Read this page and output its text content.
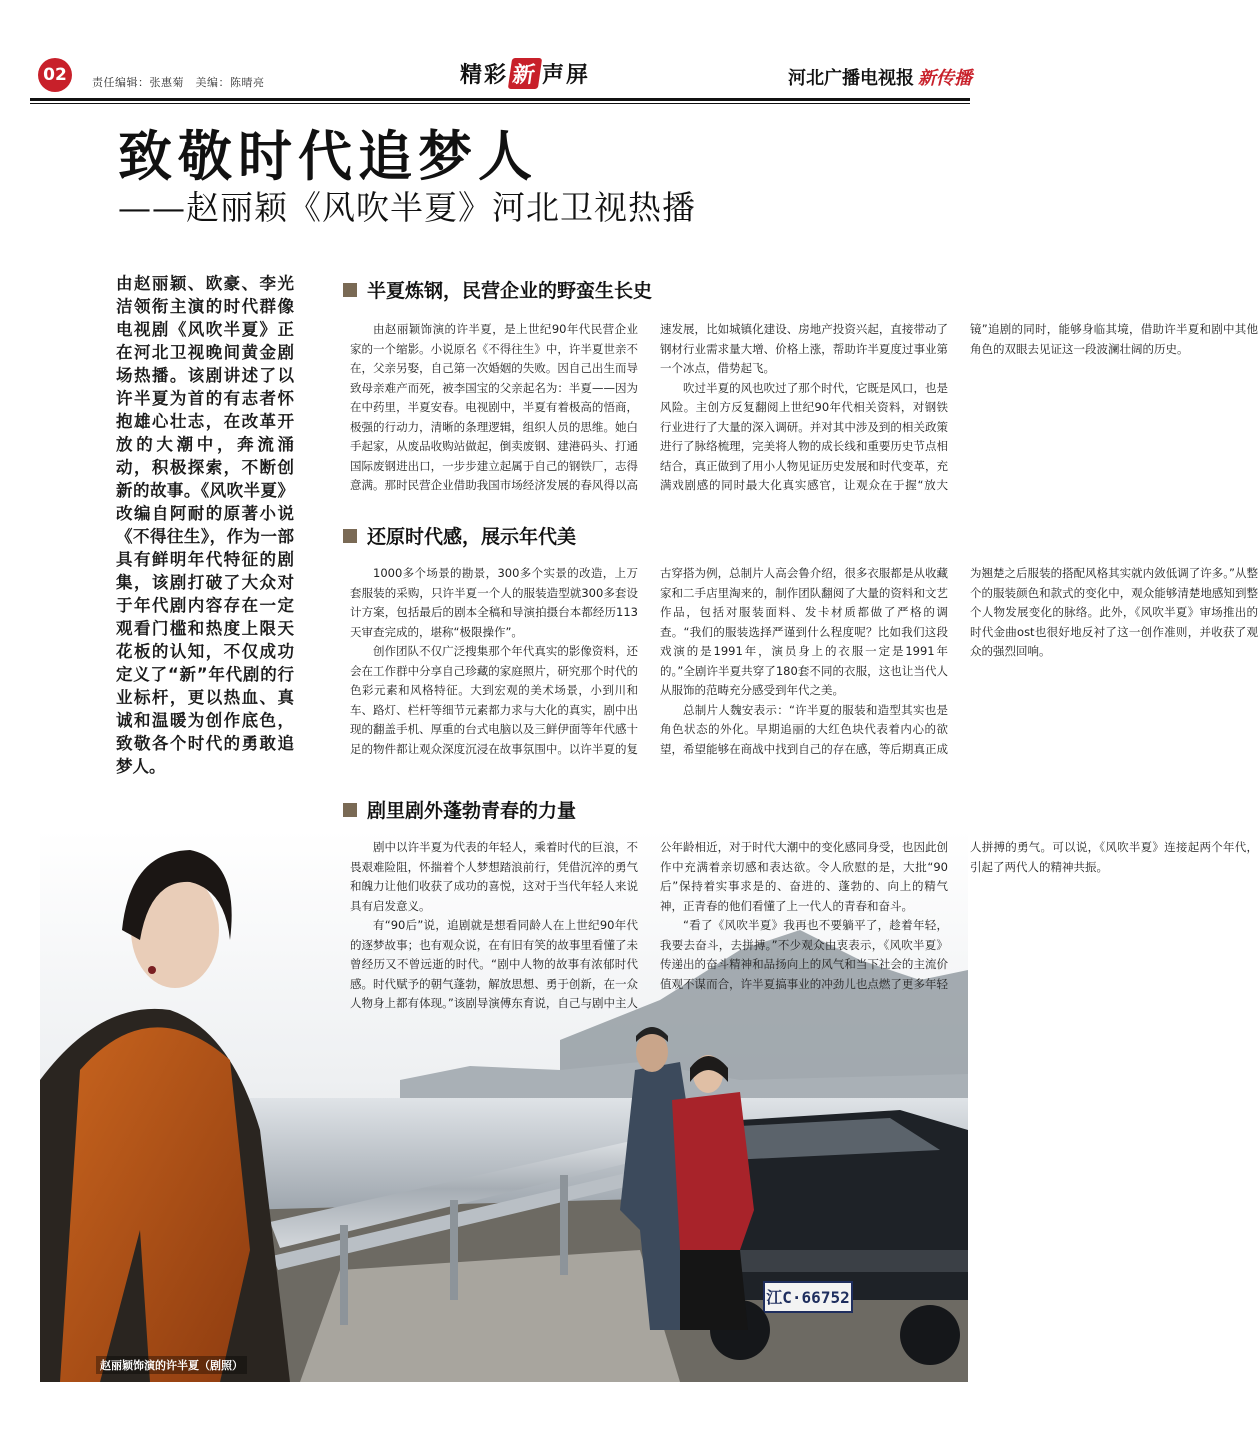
02	责任编辑：张惠菊　美编：陈晴亮	精彩 新 声屏	河北广播电视报 新传播
致敬时代追梦人
——赵丽颖《风吹半夏》河北卫视热播
由赵丽颖、欧豪、李光洁领衔主演的时代群像电视剧《风吹半夏》正在河北卫视晚间黄金剧场热播。该剧讲述了以许半夏为首的有志者怀抱雄心壮志，在改革开放的大潮中，奔流涌动，积极探索，不断创新的故事。《风吹半夏》改编自阿耐的原著小说《不得往生》，作为一部具有鲜明年代特征的剧集，该剧打破了大众对于年代剧内容存在一定观看门槛和热度上限天花板的认知，不仅成功定义了“新”年代剧的行业标杆，更以热血、真诚和温暖为创作底色，致敬各个时代的勇敢追梦人。
半夏炼钢，民营企业的野蛮生长史

由赵丽颖饰演的许半夏，是上世纪90年代民营企业家的一个缩影。小说原名《不得往生》中，许半夏世亲不在，父亲另娶，自己第一次婚姻的失败。因自己出生而导致母亲难产而死，被李国宝的父亲起名为：半夏——因为在中药里，半夏安春。电视剧中，半夏有着极高的悟商，极强的行动力，清晰的条理逻辑，组织人员的思维。她白手起家，从废品收购站做起，倒卖废钢、建港码头、打通国际废钢进出口，一步步建立起属于自己的钢铁厂，志得意满。那时民营企业借助我国市场经济发展的春风得以高速发展，比如城镇化建设、房地产投资兴起，直接带动了钢材行业需求量大增、价格上涨，帮助许半夏度过事业第一个冰点，借势起飞。

吹过半夏的风也吹过了那个时代，它既是风口，也是风险。主创方反复翻阅上世纪90年代相关资料，对钢铁行业进行了大量的深入调研。并对其中涉及到的相关政策进行了脉络梳理，完美将人物的成长线和重要历史节点相结合，真正做到了用小人物见证历史发展和时代变革，充满戏剧感的同时最大化真实感官，让观众在于握“放大镜”追剧的同时，能够身临其境，借助许半夏和剧中其他角色的双眼去见证这一段波澜壮阔的历史。

还原时代感，展示年代美

1000多个场景的勘景，300多个实景的改造，上万套服装的采购，只许半夏一个人的服装造型就300多套设计方案，包括最后的剧本全稿和导演拍摄台本都经历113天审查完成的，堪称“极限操作”。

创作团队不仅广泛搜集那个年代真实的影像资料，还会在工作群中分享自己珍藏的家庭照片，研究那个时代的色彩元素和风格特征。大到宏观的美术场景，小到川和车、路灯、栏杆等细节元素都力求与大化的真实，剧中出现的翻盖手机、厚重的台式电脑以及三鲜伊面等年代感十足的物件都让观众深度沉浸在故事氛围中。以许半夏的复古穿搭为例，总制片人高会鲁介绍，很多衣服都是从收藏家和二手店里淘来的，制作团队翻阅了大量的资料和文艺作品，包括对服装面料、发卡材质都做了严格的调查。“我们的服装选择严谨到什么程度呢？比如我们这段戏演的是1991年，演员身上的衣服一定是1991年的。”全剧许半夏共穿了180套不同的衣服，这也让当代人从服饰的范畴充分感受到年代之美。

总制片人魏安表示：“许半夏的服装和造型其实也是角色状态的外化。早期追丽的大红色块代表着内心的欲望，希望能够在商战中找到自己的存在感，等后期真正成为翘楚之后服装的搭配风格其实就内敛低调了许多。”从整个的服装颜色和款式的变化中，观众能够清楚地感知到整个人物发展变化的脉络。此外，《风吹半夏》审场推出的时代金曲ost也很好地反衬了这一创作准则，并收获了观众的强烈回响。

剧里剧外蓬勃青春的力量
江C·66752

剧中以许半夏为代表的年轻人，乘着时代的巨浪，不畏艰难险阻，怀揣着个人梦想踏浪前行，凭借沉淬的勇气和魄力让他们收获了成功的喜悦，这对于当代年轻人来说具有启发意义。

有“90后”说，追剧就是想看同龄人在上世纪90年代的逐梦故事；也有观众说，在有旧有笑的故事里看懂了未曾经历又不曾远逝的时代。“剧中人物的故事有浓郁时代感。时代赋予的朝气蓬勃，解放思想、勇于创新，在一众人物身上都有体现。”该剧导演傅东育说，自己与剧中主人公年龄相近，对于时代大潮中的变化感同身受，也因此创作中充满着亲切感和表达欲。令人欣慰的是，大批“90后”保持着实事求是的、奋进的、蓬勃的、向上的精气神，正青春的他们看懂了上一代人的青春和奋斗。

“看了《风吹半夏》我再也不要躺平了，趁着年轻，我要去奋斗，去拼搏。”不少观众由衷表示，《风吹半夏》传递出的奋斗精神和品扬向上的风气和当下社会的主流价值观不谋而合，许半夏搞事业的冲劲儿也点燃了更多年轻人拼搏的勇气。可以说，《风吹半夏》连接起两个年代，引起了两代人的精神共振。

赵丽颖饰演的许半夏（剧照）
